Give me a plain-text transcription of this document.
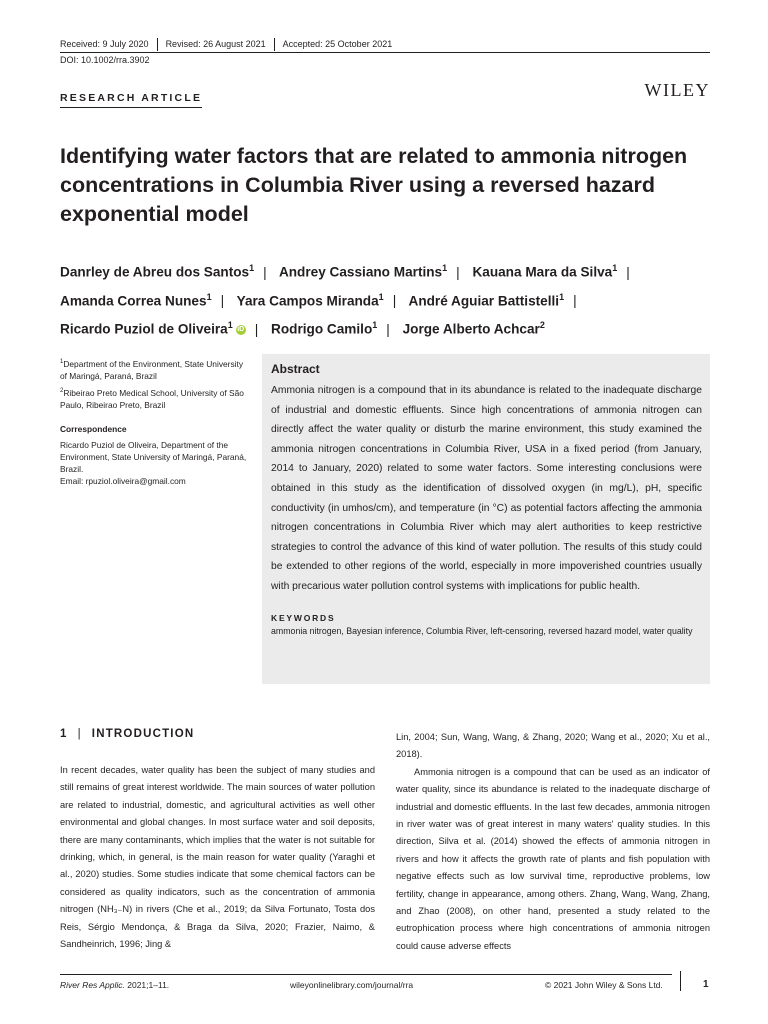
Received: 9 July 2020	Revised: 26 August 2021	Accepted: 25 October 2021
DOI: 10.1002/rra.3902
RESEARCH ARTICLE	WILEY
Identifying water factors that are related to ammonia nitrogen concentrations in Columbia River using a reversed hazard exponential model
Danrley de Abreu dos Santos$^1$ | Andrey Cassiano Martins$^1$ | Kauana Mara da Silva$^1$ |
Amanda Correa Nunes$^1$ | Yara Campos Miranda$^1$ | André Aguiar Battistelli$^1$ |
Ricardo Puziol de Oliveira$^1$ iD | Rodrigo Camilo$^1$ | Jorge Alberto Achcar$^2$

$^1$Department of the Environment, State University of Maringá, Paraná, Brazil

$^2$Ribeirao Preto Medical School, University of São Paulo, Ribeirao Preto, Brazil

Correspondence

Ricardo Puziol de Oliveira, Department of the Environment, State University of Maringá, Paraná, Brazil.
Email: rpuziol.oliveira@gmail.com

Abstract
Ammonia nitrogen is a compound that in its abundance is related to the inadequate discharge of industrial and domestic effluents. Since high concentrations of ammonia nitrogen can directly affect the water quality or disturb the marine environment, this study examined the ammonia nitrogen concentrations in Columbia River, USA in a fixed period (from January, 2014 to January, 2020) related to some water factors. Some interesting conclusions were obtained in this study as the identification of dissolved oxygen (in mg/L), pH, specific conductivity (in umhos/cm), and temperature (in °C) as potential factors affecting the ammonia nitrogen concentrations in Columbia River which may alert authorities to keep restrictive strategies to control the advance of this kind of water pollution. The results of this study could be extended to other regions of the world, especially in more impoverished countries usually with precarious water pollution control systems with implications for public health.
KEYWORDS
ammonia nitrogen, Bayesian inference, Columbia River, left-censoring, reversed hazard model, water quality
1 | INTRODUCTION

In recent decades, water quality has been the subject of many studies and still remains of great interest worldwide. The main sources of water pollution are related to industrial, domestic, and agricultural activities as well other environmental and global changes. In most surface water and soil deposits, there are many contaminants, which implies that the water is not suitable for drinking, which, in general, is the main reason for water quality (Yaraghi et al., 2020) studies. Some studies indicate that some chemical factors can be considered as quality indicators, such as the concentration of ammonia nitrogen (NH₃₋N) in rivers (Che et al., 2019; da Silva Fortunato, Tosta dos Reis, Sérgio Mendonça, & Braga da Silva, 2020; Frazier, Naimo, & Sandheinrich, 1996; Jing &

Lin, 2004; Sun, Wang, Wang, & Zhang, 2020; Wang et al., 2020; Xu et al., 2018).

Ammonia nitrogen is a compound that can be used as an indicator of water quality, since its abundance is related to the inadequate discharge of industrial and domestic effluents. In the last few decades, ammonia nitrogen in river water was of great interest in many waters' quality studies. In this direction, Silva et al. (2014) showed the effects of ammonia nitrogen in rivers and how it affects the growth rate of plants and fish population with negative effects such as low survival time, reproductive problems, low fertility, change in appearance, among others. Zhang, Wang, Wang, Zhang, and Zhao (2008), on other hand, presented a study related to the eutrophication process where high concentrations of ammonia nitrogen could cause adverse effects

River Res Applic. 2021;1–11.	wileyonlinelibrary.com/journal/rra	© 2021 John Wiley & Sons Ltd.	1
